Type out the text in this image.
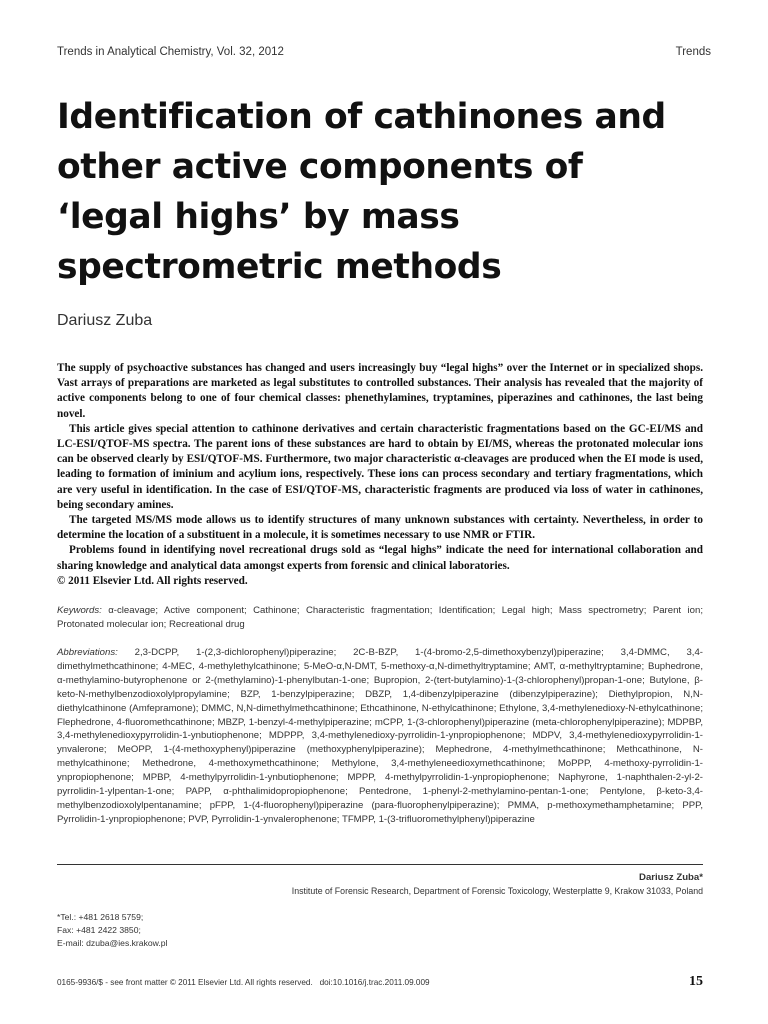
Trends in Analytical Chemistry, Vol. 32, 2012	Trends
Identification of cathinones and other active components of ‘legal highs’ by mass spectrometric methods
Dariusz Zuba

The supply of psychoactive substances has changed and users increasingly buy “legal highs” over the Internet or in specialized shops. Vast arrays of preparations are marketed as legal substitutes to controlled substances. Their analysis has revealed that the majority of active components belong to one of four chemical classes: phenethylamines, tryptamines, piperazines and cathinones, the last being novel.

This article gives special attention to cathinone derivatives and certain characteristic fragmentations based on the GC-EI/MS and LC-ESI/QTOF-MS spectra. The parent ions of these substances are hard to obtain by EI/MS, whereas the protonated molecular ions can be observed clearly by ESI/QTOF-MS. Furthermore, two major characteristic α-cleavages are produced when the EI mode is used, leading to formation of iminium and acylium ions, respectively. These ions can process secondary and tertiary fragmentations, which are very useful in identification. In the case of ESI/QTOF-MS, characteristic fragments are produced via loss of water in cathinones, being secondary amines.

The targeted MS/MS mode allows us to identify structures of many unknown substances with certainty. Nevertheless, in order to determine the location of a substituent in a molecule, it is sometimes necessary to use NMR or FTIR.

Problems found in identifying novel recreational drugs sold as “legal highs” indicate the need for international collaboration and sharing knowledge and analytical data amongst experts from forensic and clinical laboratories.

© 2011 Elsevier Ltd. All rights reserved.

Keywords: α-cleavage; Active component; Cathinone; Characteristic fragmentation; Identification; Legal high; Mass spectrometry; Parent ion; Protonated molecular ion; Recreational drug
Abbreviations: 2,3-DCPP, 1-(2,3-dichlorophenyl)piperazine; 2C-B-BZP, 1-(4-bromo-2,5-dimethoxybenzyl)piperazine; 3,4-DMMC, 3,4-dimethylmethcathinone; 4-MEC, 4-methylethylcathinone; 5-MeO-α,N-DMT, 5-methoxy-α,N-dimethyltryptamine; AMT, α-methyltryptamine; Buphedrone, α-methylamino-butyrophenone or 2-(methylamino)-1-phenylbutan-1-one; Bupropion, 2-(tert-butylamino)-1-(3-chlorophenyl)propan-1-one; Butylone, β-keto-N-methylbenzodioxolylpropylamine; BZP, 1-benzylpiperazine; DBZP, 1,4-dibenzylpiperazine (dibenzylpiperazine); Diethylpropion, N,N-diethylcathinone (Amfepramone); DMMC, N,N-dimethylmethcathinone; Ethcathinone, N-ethylcathinone; Ethylone, 3,4-methylenedioxy-N-ethylcathinone; Flephedrone, 4-fluoromethcathinone; MBZP, 1-benzyl-4-methylpiperazine; mCPP, 1-(3-chlorophenyl)piperazine (meta-chlorophenylpiperazine); MDPBP, 3,4-methylenedioxypyrrolidin-1-ynbutiophenone; MDPPP, 3,4-methylenedioxy-pyrrolidin-1-ynpropiophenone; MDPV, 3,4-methylenedioxypyrrolidin-1-ynvalerone; MeOPP, 1-(4-methoxyphenyl)piperazine (methoxyphenylpiperazine); Mephedrone, 4-methylmethcathinone; Methcathinone, N-methylcathinone; Methedrone, 4-methoxymethcathinone; Methylone, 3,4-methyleneedioxymethcathinone; MoPPP, 4-methoxy-pyrrolidin-1-ynpropiophenone; MPBP, 4-methylpyrrolidin-1-ynbutiophenone; MPPP, 4-methylpyrrolidin-1-ynpropiophenone; Naphyrone, 1-naphthalen-2-yl-2-pyrrolidin-1-ylpentan-1-one; PAPP, α-phthalimidopropiophenone; Pentedrone, 1-phenyl-2-methylamino-pentan-1-one; Pentylone, β-keto-3,4-methylbenzodioxolylpentanamine; pFPP, 1-(4-fluorophenyl)piperazine (para-fluorophenylpiperazine); PMMA, p-methoxymethamphetamine; PPP, Pyrrolidin-1-ynpropiophenone; PVP, Pyrrolidin-1-ynvalerophenone; TFMPP, 1-(3-trifluoromethylphenyl)piperazine
Dariusz Zuba*
Institute of Forensic Research, Department of Forensic Toxicology, Westerplatte 9, Krakow 31033, Poland
*Tel.: +481 2618 5759;
Fax: +481 2422 3850;
E-mail: dzuba@ies.krakow.pl
0165-9936/$ - see front matter © 2011 Elsevier Ltd. All rights reserved. doi:10.1016/j.trac.2011.09.009	15
